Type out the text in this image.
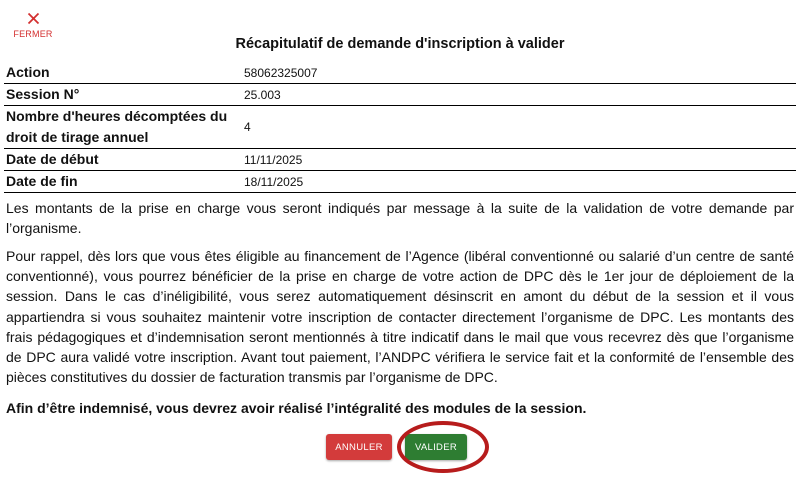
FERMER
Récapitulatif de demande d'inscription à valider
Action	58062325007
Session N°	25.003
Nombre d'heures décomptées du droit de tirage annuel	4
Date de début	11/11/2025
Date de fin	18/11/2025

Les montants de la prise en charge vous seront indiqués par message à la suite de la validation de votre demande par l’organisme.

Pour rappel, dès lors que vous êtes éligible au financement de l’Agence (libéral conventionné ou salarié d’un centre de santé conventionné), vous pourrez bénéficier de la prise en charge de votre action de DPC dès le 1er jour de déploiement de la session. Dans le cas d’inéligibilité, vous serez automatiquement désinscrit en amont du début de la session et il vous appartiendra si vous souhaitez maintenir votre inscription de contacter directement l’organisme de DPC. Les montants des frais pédagogiques et d’indemnisation seront mentionnés à titre indicatif dans le mail que vous recevrez dès que l’organisme de DPC aura validé votre inscription. Avant tout paiement, l’ANDPC vérifiera le service fait et la conformité de l’ensemble des pièces constitutives du dossier de facturation transmis par l’organisme de DPC.

Afin d’être indemnisé, vous devrez avoir réalisé l’intégralité des modules de la session.

ANNULER	VALIDER
